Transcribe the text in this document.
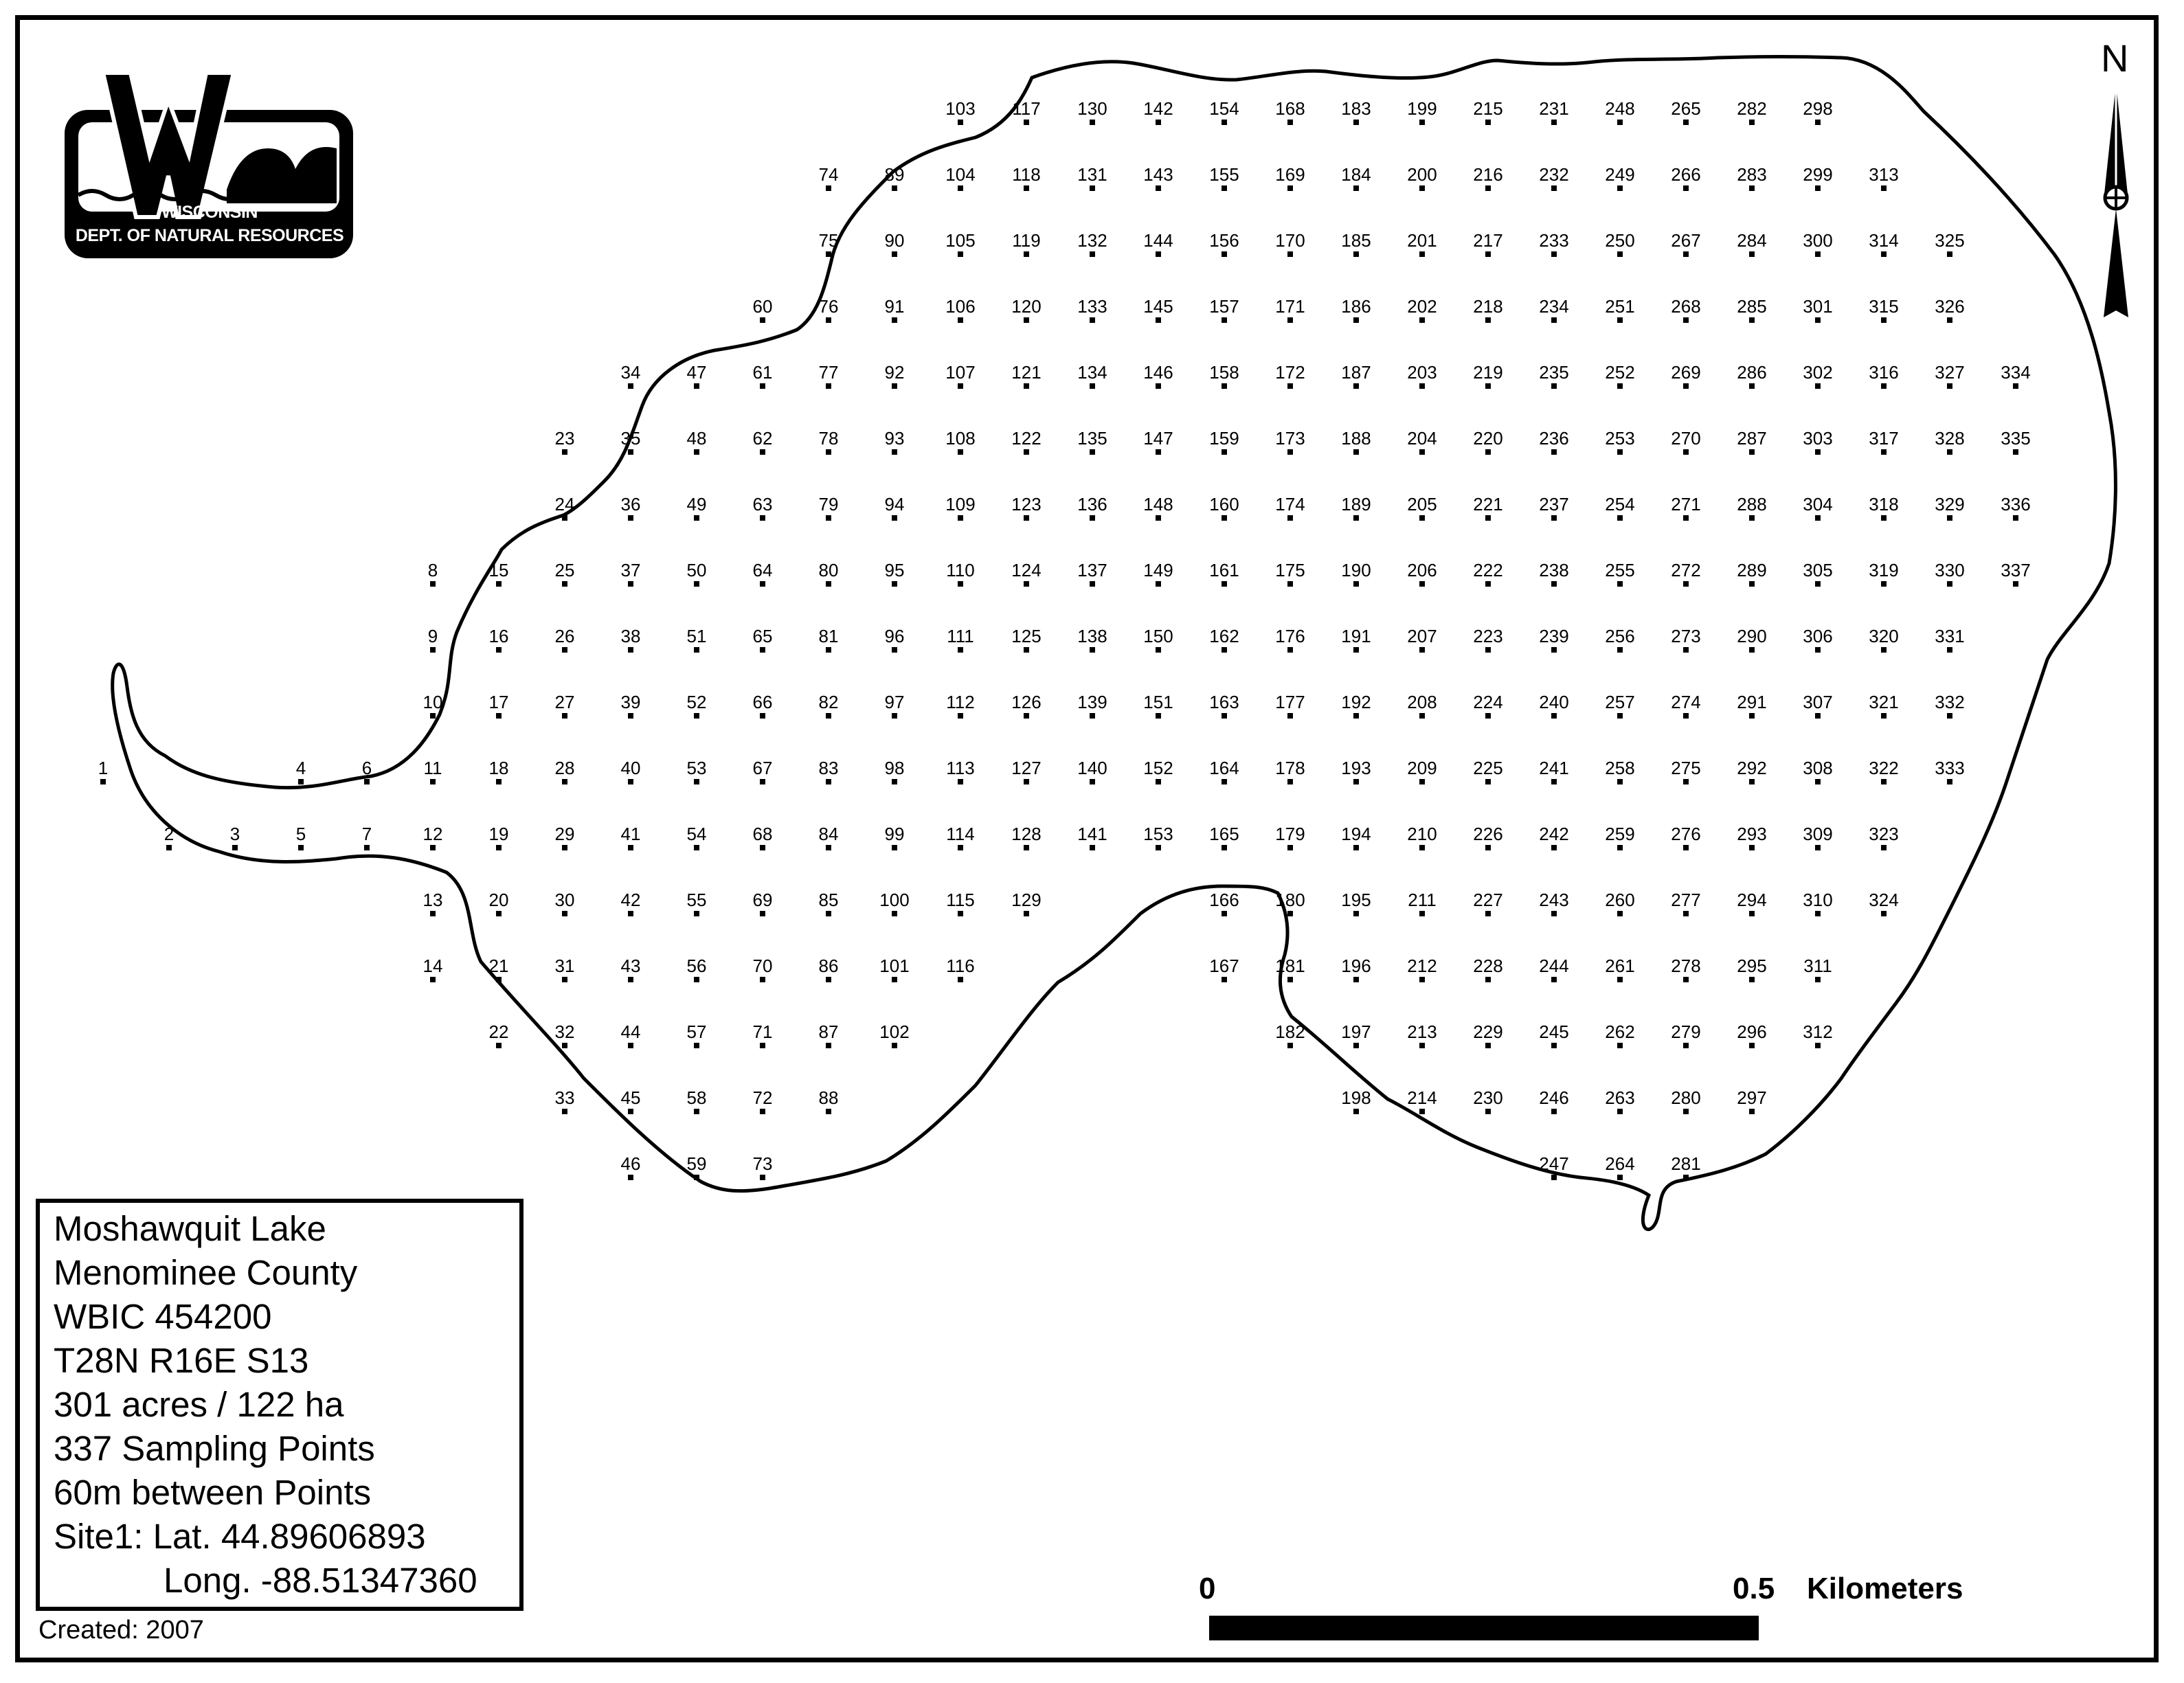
103 117 130 142 154 168 183 199 215 231 248 265 282 298
74	89 104 118 131 143 155 169 184 200 216 232 249 266 283 299 313
75	90 105 119 132 144 156 170 185 201 217 233 250 267 284 300 314 325
60	76	91 106 120 133 145 157 171 186 202 218 234 251 268 285 301 315 326
34	47	61	77	92 107 121 134 146 158 172 187 203 219 235 252 269 286 302 316 327 334
23	35	48	62	78	93 108 122 135 147 159 173 188 204 220 236 253 270 287 303 317 328 335
24	36	49	63	79	94 109 123 136 148 160 174 189 205 221 237 254 271 288 304 318 329 336
8	15	25	37	50	64	80	95 110 124 137 149 161 175 190 206 222 238 255 272 289 305 319 330 337
9	16	26	38	51	65	81	96 111 125 138 150 162 176 191 207 223 239 256 273 290 306 320 331
10	17	27	39	52	66	82	97 112 126 139 151 163 177 192 208 224 240 257 274 291 307 321 332
1	4	6	11	18	28	40	53	67	83	98 113 127 140 152 164 178 193 209 225 241 258 275 292 308 322 333
2	3	5	7	12	19	29	41	54	68	84	99 114 128 141 153 165 179 194 210 226 242 259 276 293 309 323
13	20	30	42	55	69	85 100 115 129	166 180 195 211 227 243 260 277 294 310 324
14	21	31	43	56	70	86 101 116	167 181 196 212 228 244 261 278 295 311
22	32	44	57	71	87 102	182 197 213 229 245 262 279 296 312
33	45	58	72	88	198 214 230 246 263 280 297
46	59	73	247 264 281
WISCONSIN
DEPT. OF NATURAL RESOURCES
N
Moshawquit Lake
Menominee County
WBIC 454200
T28N R16E S13
301 acres / 122 ha
337 Sampling Points
60m between Points
Site1: Lat. 44.89606893
Long. -88.51347360
Created: 2007
0	0.5 Kilometers
